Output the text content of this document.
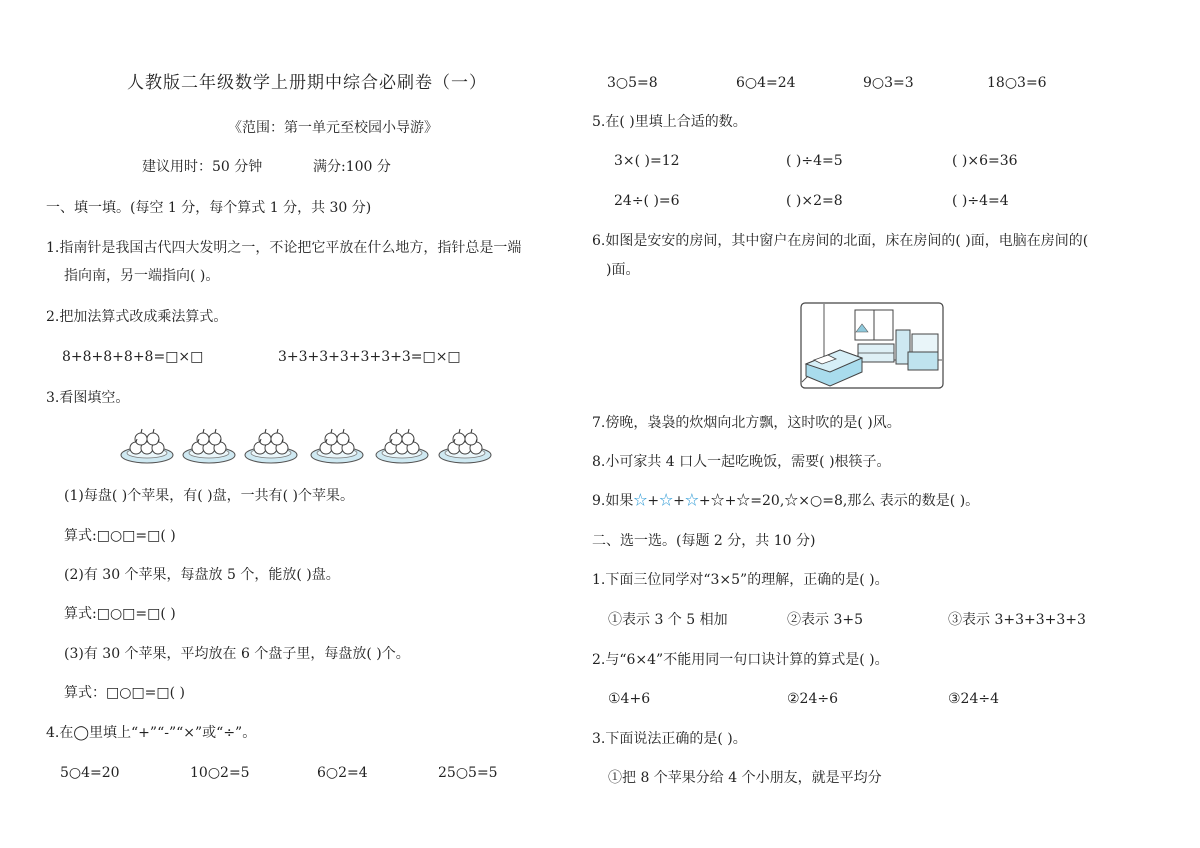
人教版二年级数学上册期中综合必刷卷（一）
《范围：第一单元至校园小导游》
建议用时：50 分钟	满分:100 分
一、填一填。(每空 1 分，每个算式 1 分，共 30 分)
1.指南针是我国古代四大发明之一，不论把它平放在什么地方，指针总是一端
指向南，另一端指向( )。
2.把加法算式改成乘法算式。
8+8+8+8+8=□×□	3+3+3+3+3+3+3=□×□
3.看图填空。
(1)每盘( )个苹果，有( )盘，一共有( )个苹果。
算式:□○□=□( )
(2)有 30 个苹果，每盘放 5 个，能放( )盘。
算式:□○□=□( )
(3)有 30 个苹果，平均放在 6 个盘子里，每盘放( )个。
算式：□○□=□( )
4.在◯里填上“+”“-”“×”或“÷”。
5○4=20	10○2=5	6○2=4	25○5=5
3○5=8	6○4=24	9○3=3	18○3=6
5.在( )里填上合适的数。
3×( )=12	( )÷4=5	( )×6=36
24÷( )=6	( )×2=8	( )÷4=4
6.如图是安安的房间，其中窗户在房间的北面，床在房间的( )面，电脑在房间的(
)面。
7.傍晚，袅袅的炊烟向北方飘，这时吹的是( )风。
8.小可家共 4 口人一起吃晚饭，需要( )根筷子。
9.如果☆+☆+☆+☆+☆=20,☆×○=8,那么 表示的数是( )。
二、选一选。(每题 2 分，共 10 分)
1.下面三位同学对“3×5”的理解，正确的是( )。
①表示 3 个 5 相加	②表示 3+5	③表示 3+3+3+3+3
2.与“6×4”不能用同一句口诀计算的算式是( )。
①4+6	②24÷6	③24÷4
3.下面说法正确的是( )。
①把 8 个苹果分给 4 个小朋友，就是平均分
